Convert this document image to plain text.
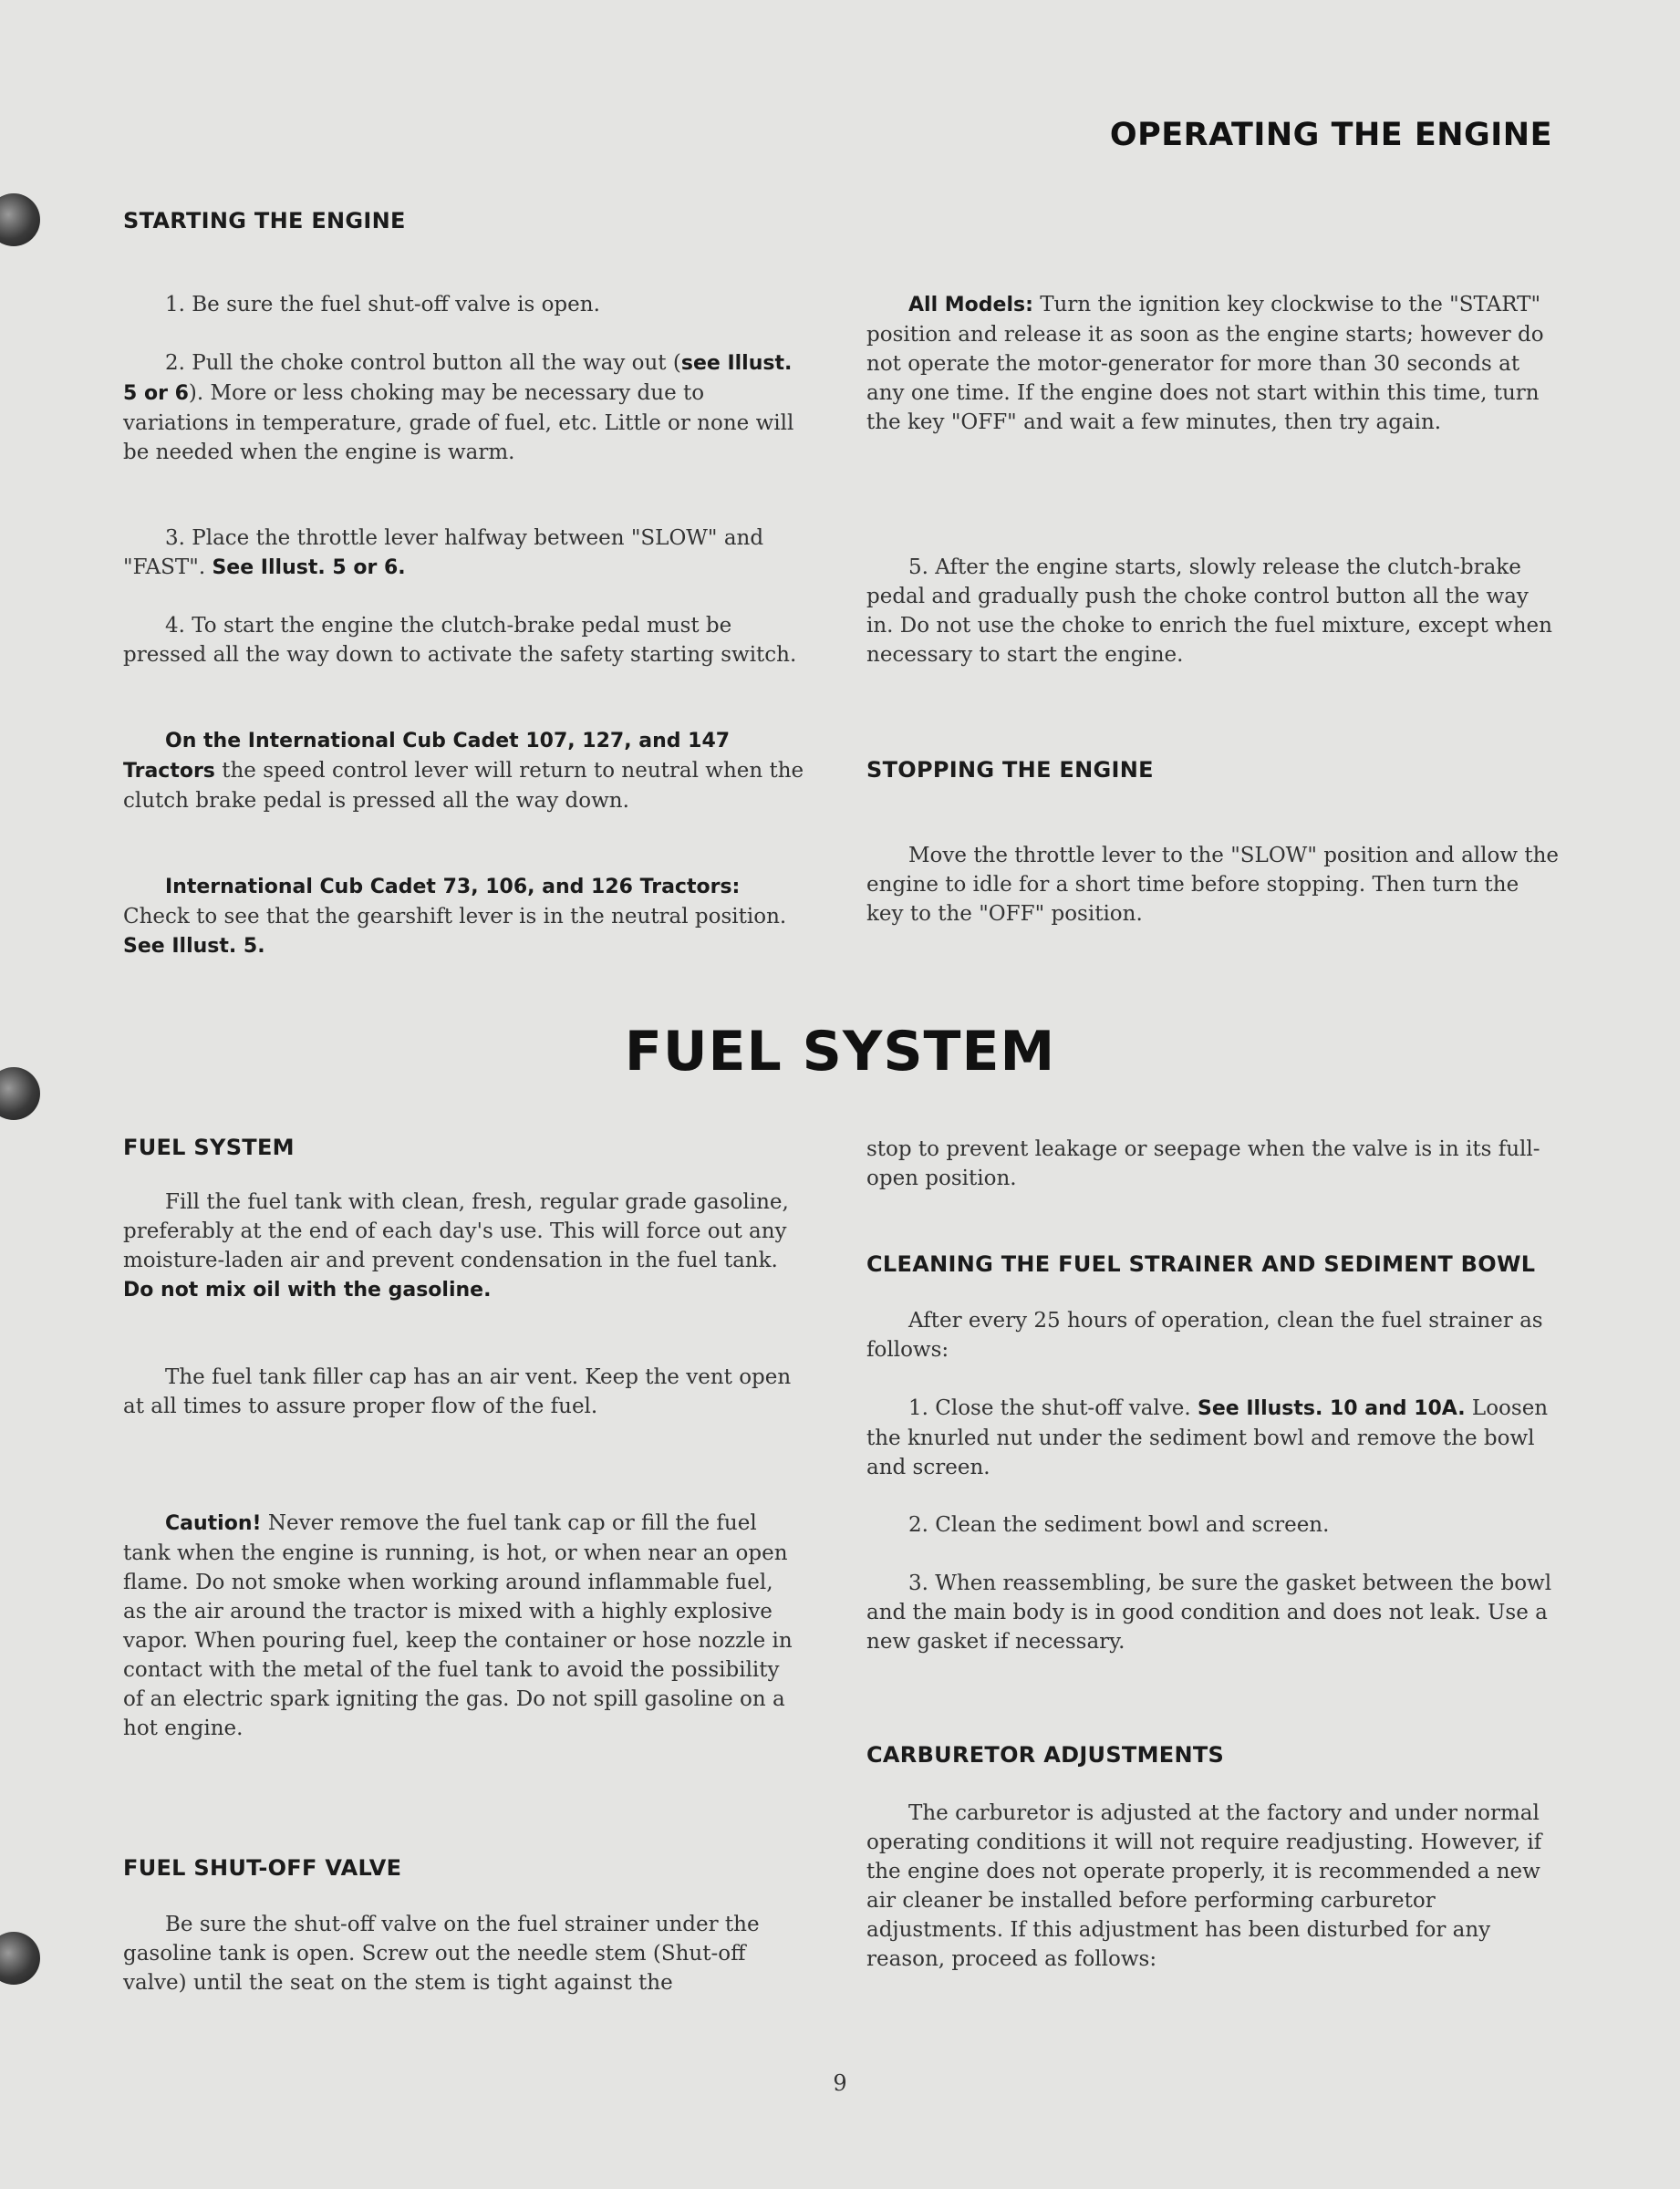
OPERATING THE ENGINE
STARTING THE ENGINE

1. Be sure the fuel shut-off valve is open.

2. Pull the choke control button all the way out (see Illust. 5 or 6). More or less choking may be necessary due to variations in temperature, grade of fuel, etc. Little or none will be needed when the engine is warm.

3. Place the throttle lever halfway between "SLOW" and "FAST". See Illust. 5 or 6.

4. To start the engine the clutch-brake pedal must be pressed all the way down to activate the safety starting switch.

On the International Cub Cadet 107, 127, and 147 Tractors the speed control lever will return to neutral when the clutch brake pedal is pressed all the way down.

International Cub Cadet 73, 106, and 126 Tractors: Check to see that the gearshift lever is in the neutral position. See Illust. 5.

All Models: Turn the ignition key clockwise to the "START" position and release it as soon as the engine starts; however do not operate the motor-generator for more than 30 seconds at any one time. If the engine does not start within this time, turn the key "OFF" and wait a few minutes, then try again.

5. After the engine starts, slowly release the clutch-brake pedal and gradually push the choke control button all the way in. Do not use the choke to enrich the fuel mixture, except when necessary to start the engine.

STOPPING THE ENGINE

Move the throttle lever to the "SLOW" position and allow the engine to idle for a short time before stopping. Then turn the key to the "OFF" position.

FUEL SYSTEM
FUEL SYSTEM

Fill the fuel tank with clean, fresh, regular grade gasoline, preferably at the end of each day's use. This will force out any moisture-laden air and prevent condensation in the fuel tank. Do not mix oil with the gasoline.

The fuel tank filler cap has an air vent. Keep the vent open at all times to assure proper flow of the fuel.

Caution! Never remove the fuel tank cap or fill the fuel tank when the engine is running, is hot, or when near an open flame. Do not smoke when working around inflammable fuel, as the air around the tractor is mixed with a highly explosive vapor. When pouring fuel, keep the container or hose nozzle in contact with the metal of the fuel tank to avoid the possibility of an electric spark igniting the gas. Do not spill gasoline on a hot engine.

FUEL SHUT-OFF VALVE

Be sure the shut-off valve on the fuel strainer under the gasoline tank is open. Screw out the needle stem (Shut-off valve) until the seat on the stem is tight against the

stop to prevent leakage or seepage when the valve is in its full-open position.

CLEANING THE FUEL STRAINER AND SEDIMENT BOWL

After every 25 hours of operation, clean the fuel strainer as follows:

1. Close the shut-off valve. See Illusts. 10 and 10A. Loosen the knurled nut under the sediment bowl and remove the bowl and screen.

2. Clean the sediment bowl and screen.

3. When reassembling, be sure the gasket between the bowl and the main body is in good condition and does not leak. Use a new gasket if necessary.

CARBURETOR ADJUSTMENTS

The carburetor is adjusted at the factory and under normal operating conditions it will not require readjusting. However, if the engine does not operate properly, it is recommended a new air cleaner be installed before performing carburetor adjustments. If this adjustment has been disturbed for any reason, proceed as follows:

9
